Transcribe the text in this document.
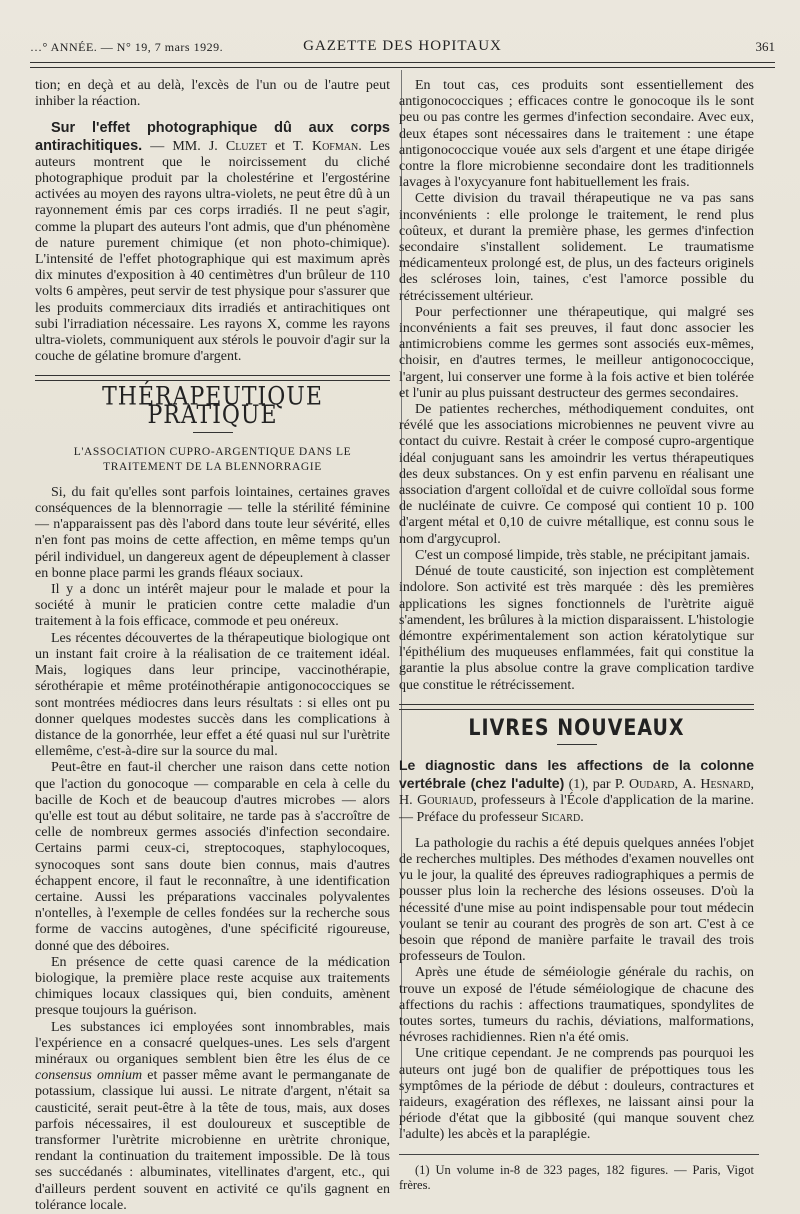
…° ANNÉE. — N° 19, 7 mars 1929.	GAZETTE DES HOPITAUX	361

tion; en deçà et au delà, l'excès de l'un ou de l'autre peut inhiber la réaction.

Sur l'effet photographique dû aux corps antirachitiques. — MM. J. Cluzet et T. Kofman. Les auteurs montrent que le noircissement du cliché photographique produit par la cholestérine et l'ergostérine activées au moyen des rayons ultra-violets, ne peut être dû à un rayonnement émis par ces corps irradiés. Il ne peut s'agir, comme la plupart des auteurs l'ont admis, que d'un phénomène de nature purement chimique (et non photo-chimique). L'intensité de l'effet photographique qui est maximum après dix minutes d'exposition à 40 centimètres d'un brûleur de 110 volts 6 ampères, peut servir de test physique pour s'assurer que les produits commerciaux dits irradiés et antirachitiques ont subi l'irradiation nécessaire. Les rayons X, comme les rayons ultra-violets, communiquent aux stérols le pouvoir d'agir sur la couche de gélatine bromure d'argent.

THÉRAPEUTIQUE PRATIQUE
L'ASSOCIATION CUPRO-ARGENTIQUE DANS LE TRAITEMENT DE LA BLENNORRAGIE

Si, du fait qu'elles sont parfois lointaines, certaines graves conséquences de la blennorragie — telle la stérilité féminine — n'apparaissent pas dès l'abord dans toute leur sévérité, elles n'en font pas moins de cette affection, en même temps qu'un péril individuel, un dangereux agent de dépeuplement à classer en bonne place parmi les grands fléaux sociaux.

Il y a donc un intérêt majeur pour le malade et pour la société à munir le praticien contre cette maladie d'un traitement à la fois efficace, commode et peu onéreux.

Les récentes découvertes de la thérapeutique biologique ont un instant fait croire à la réalisation de ce traitement idéal. Mais, logiques dans leur principe, vaccinothérapie, sérothérapie et même protéinothérapie antigonococciques se sont montrées médiocres dans leurs résultats : si elles ont pu donner quelques modestes succès dans les complications à distance de la gonorrhée, leur effet a été quasi nul sur l'urètrite ellemême, c'est-à-dire sur la source du mal.

Peut-être en faut-il chercher une raison dans cette notion que l'action du gonocoque — comparable en cela à celle du bacille de Koch et de beaucoup d'autres microbes — alors qu'elle est tout au début solitaire, ne tarde pas à s'accroître de celle de nombreux germes associés d'infection secondaire. Certains parmi ceux-ci, streptocoques, staphylocoques, synocoques sont sans doute bien connus, mais d'autres échappent encore, il faut le reconnaître, à une identification certaine. Aussi les préparations vaccinales polyvalentes n'ontelles, à l'exemple de celles fondées sur la recherche sous forme de vaccins autogènes, d'une spécificité rigoureuse, donné que des déboires.

En présence de cette quasi carence de la médication biologique, la première place reste acquise aux traitements chimiques locaux classiques qui, bien conduits, amènent presque toujours la guérison.

Les substances ici employées sont innombrables, mais l'expérience en a consacré quelques-unes. Les sels d'argent minéraux ou organiques semblent bien être les élus de ce consensus omnium et passer même avant le permanganate de potassium, classique lui aussi. Le nitrate d'argent, n'était sa causticité, serait peut-être à la tête de tous, mais, aux doses parfois nécessaires, il est douloureux et susceptible de transformer l'urètrite microbienne en urètrite chronique, rendant la continuation du traitement impossible. De là tous ses succédanés : albuminates, vitellinates d'argent, etc., qui d'ailleurs perdent souvent en activité ce qu'ils gagnent en tolérance locale.

En tout cas, ces produits sont essentiellement des antigonococciques ; efficaces contre le gonocoque ils le sont peu ou pas contre les germes d'infection secondaire. Avec eux, deux étapes sont nécessaires dans le traitement : une étape antigonococcique vouée aux sels d'argent et une étape dirigée contre la flore microbienne secondaire dont les traditionnels lavages à l'oxycyanure font habituellement les frais.

Cette division du travail thérapeutique ne va pas sans inconvénients : elle prolonge le traitement, le rend plus coûteux, et durant la première phase, les germes d'infection secondaire s'installent solidement. Le traumatisme médicamenteux prolongé est, de plus, un des facteurs originels des scléroses loin, taines, c'est l'amorce possible du rétrécissement ultérieur.

Pour perfectionner une thérapeutique, qui malgré ses inconvénients a fait ses preuves, il faut donc associer les antimicrobiens comme les germes sont associés eux-mêmes, choisir, en d'autres termes, le meilleur antigonococcique, l'argent, lui conserver une forme à la fois active et bien tolérée et l'unir au plus puissant destructeur des germes secondaires.

De patientes recherches, méthodiquement conduites, ont révélé que les associations microbiennes ne peuvent vivre au contact du cuivre. Restait à créer le composé cupro-argentique idéal conjuguant sans les amoindrir les vertus thérapeutiques des deux substances. On y est enfin parvenu en réalisant une association d'argent colloïdal et de cuivre colloïdal sous forme de nucléinate de cuivre. Ce composé qui contient 10 p. 100 d'argent métal et 0,10 de cuivre métallique, est connu sous le nom d'argycuprol.

C'est un composé limpide, très stable, ne précipitant jamais.

Dénué de toute causticité, son injection est complètement indolore. Son activité est très marquée : dès les premières applications les signes fonctionnels de l'urètrite aiguë s'amendent, les brûlures à la miction disparaissent. L'histologie démontre expérimentalement son action kératolytique sur l'épithélium des muqueuses enflammées, fait qui constitue la garantie la plus absolue contre la grave complication tardive que constitue le rétrécissement.

LIVRES NOUVEAUX

Le diagnostic dans les affections de la colonne vertébrale (chez l'adulte) (1), par P. Oudard, A. Hesnard, H. Gouriaud, professeurs à l'École d'application de la marine. — Préface du professeur Sicard.

La pathologie du rachis a été depuis quelques années l'objet de recherches multiples. Des méthodes d'examen nouvelles ont vu le jour, la qualité des épreuves radiographiques a permis de pousser plus loin la recherche des lésions osseuses. D'où la nécessité d'une mise au point indispensable pour tout médecin voulant se tenir au courant des progrès de son art. C'est à ce besoin que répond de manière parfaite le travail des trois professeurs de Toulon.

Après une étude de séméiologie générale du rachis, on trouve un exposé de l'étude séméiologique de chacune des affections du rachis : affections traumatiques, spondylites de toutes sortes, tumeurs du rachis, déviations, malformations, névroses rachidiennes. Rien n'a été omis.

Une critique cependant. Je ne comprends pas pourquoi les auteurs ont jugé bon de qualifier de prépottiques tous les symptômes de la période de début : douleurs, contractures et raideurs, exagération des réflexes, ne laissant ainsi pour la période d'état que la gibbosité (qui manque souvent chez l'adulte) les abcès et la paraplégie.

(1) Un volume in-8 de 323 pages, 182 figures. — Paris, Vigot frères.
